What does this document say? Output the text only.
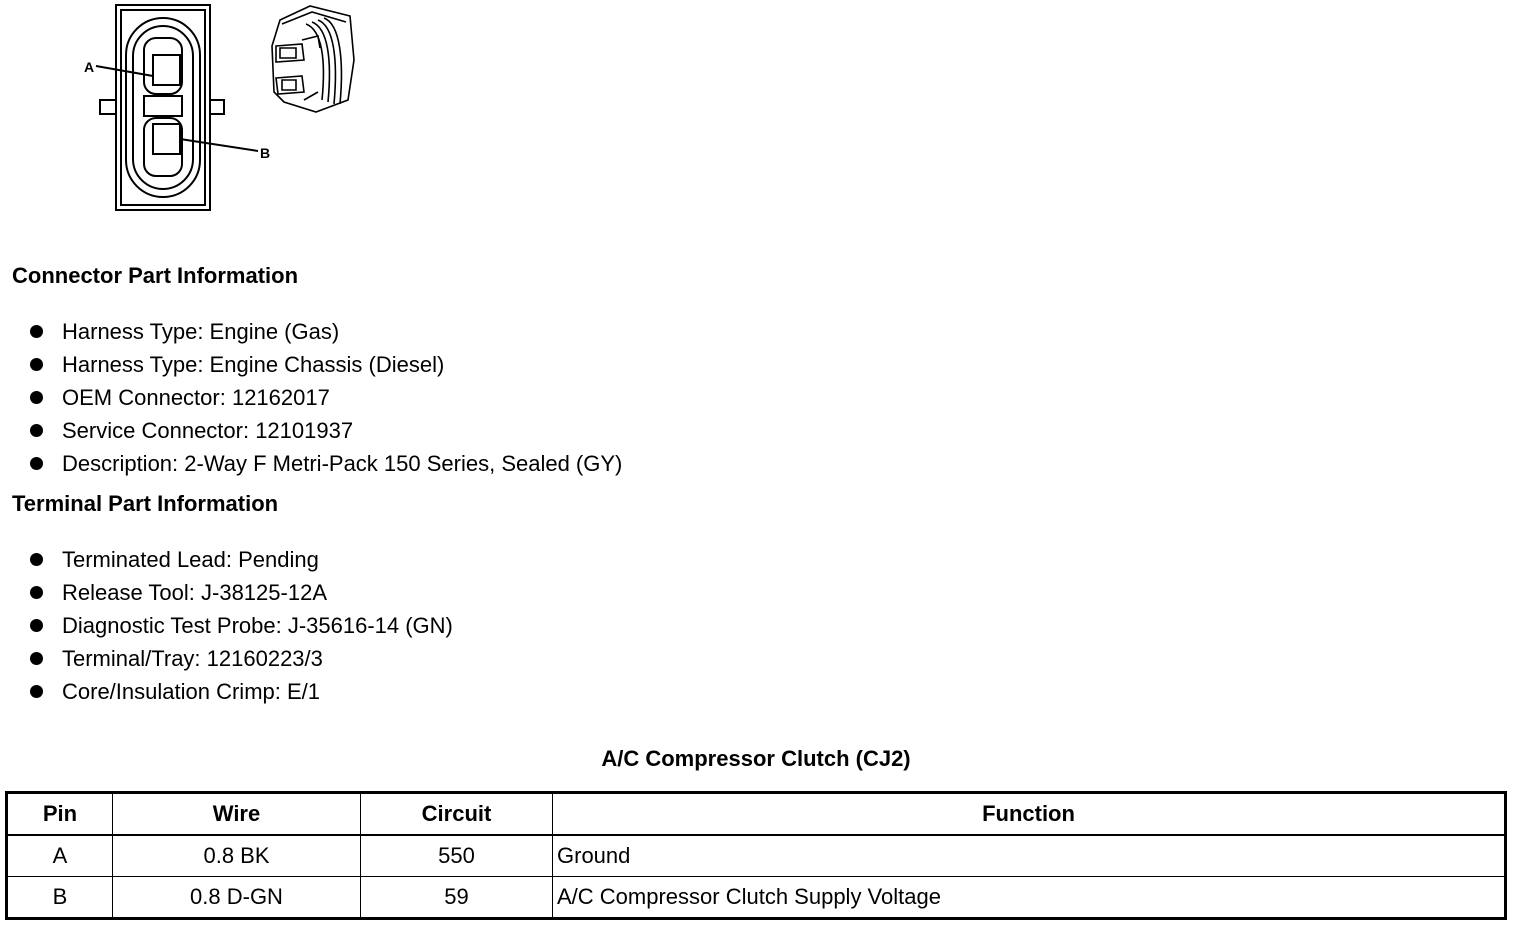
A
B
Connector Part Information
Harness Type: Engine (Gas)
Harness Type: Engine Chassis (Diesel)
OEM Connector: 12162017
Service Connector: 12101937
Description: 2-Way F Metri-Pack 150 Series, Sealed (GY)
Terminal Part Information
Terminated Lead: Pending
Release Tool: J-38125-12A
Diagnostic Test Probe: J-35616-14 (GN)
Terminal/Tray: 12160223/3
Core/Insulation Crimp: E/1
A/C Compressor Clutch (CJ2)
Pin	Wire	Circuit	Function
A	0.8 BK	550	Ground
B	0.8 D-GN	59	A/C Compressor Clutch Supply Voltage
